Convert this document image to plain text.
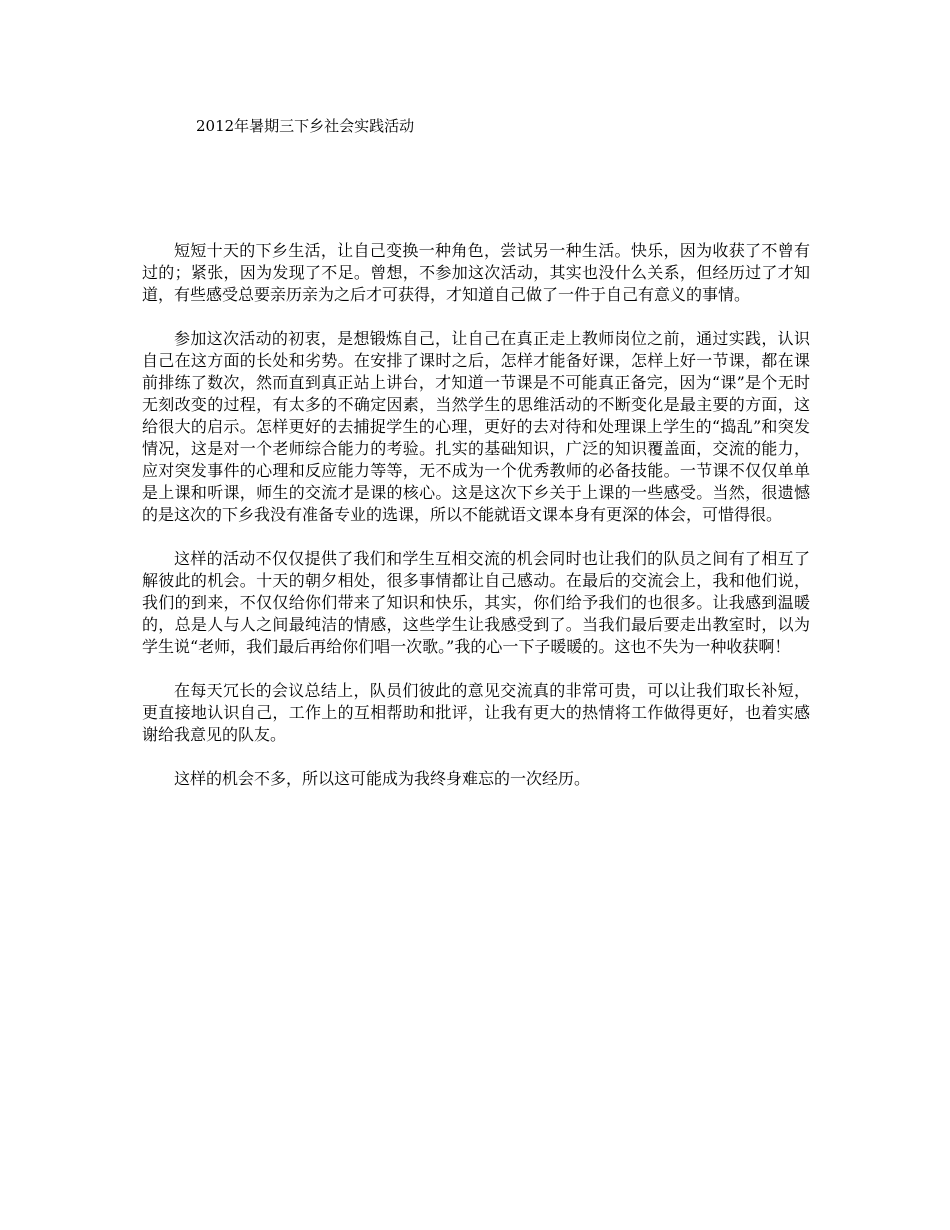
2012年暑期三下乡社会实践活动

短短十天的下乡生活，让自己变换一种角色，尝试另一种生活。快乐，因为收获了不曾有过的；紧张，因为发现了不足。曾想，不参加这次活动，其实也没什么关系，但经历过了才知道，有些感受总要亲历亲为之后才可获得，才知道自己做了一件于自己有意义的事情。

参加这次活动的初衷，是想锻炼自己，让自己在真正走上教师岗位之前，通过实践，认识自己在这方面的长处和劣势。在安排了课时之后，怎样才能备好课，怎样上好一节课，都在课前排练了数次，然而直到真正站上讲台，才知道一节课是不可能真正备完，因为“课”是个无时无刻改变的过程，有太多的不确定因素，当然学生的思维活动的不断变化是最主要的方面，这给很大的启示。怎样更好的去捕捉学生的心理，更好的去对待和处理课上学生的“捣乱”和突发情况，这是对一个老师综合能力的考验。扎实的基础知识，广泛的知识覆盖面，交流的能力，应对突发事件的心理和反应能力等等，无不成为一个优秀教师的必备技能。一节课不仅仅单单是上课和听课，师生的交流才是课的核心。这是这次下乡关于上课的一些感受。当然，很遗憾的是这次的下乡我没有准备专业的选课，所以不能就语文课本身有更深的体会，可惜得很。

这样的活动不仅仅提供了我们和学生互相交流的机会同时也让我们的队员之间有了相互了解彼此的机会。十天的朝夕相处，很多事情都让自己感动。在最后的交流会上，我和他们说，我们的到来，不仅仅给你们带来了知识和快乐，其实，你们给予我们的也很多。让我感到温暖的，总是人与人之间最纯洁的情感，这些学生让我感受到了。当我们最后要走出教室时，以为学生说“老师，我们最后再给你们唱一次歌。”我的心一下子暖暖的。这也不失为一种收获啊！

在每天冗长的会议总结上，队员们彼此的意见交流真的非常可贵，可以让我们取长补短，更直接地认识自己，工作上的互相帮助和批评，让我有更大的热情将工作做得更好，也着实感谢给我意见的队友。

这样的机会不多，所以这可能成为我终身难忘的一次经历。
